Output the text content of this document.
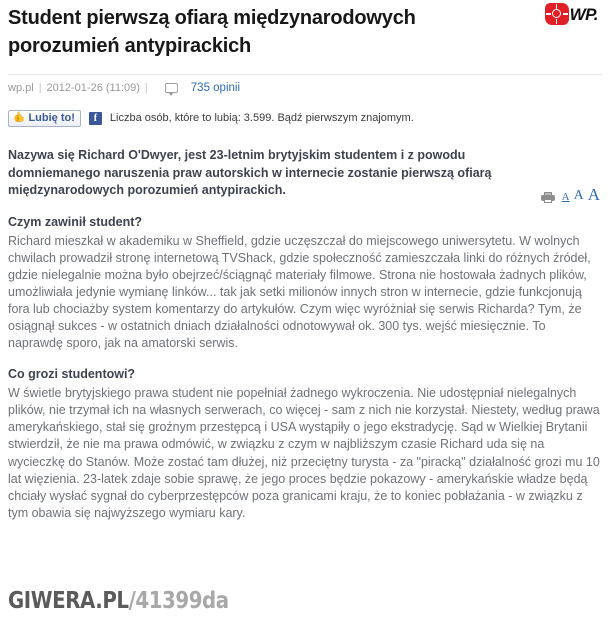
Student pierwszą ofiarą międzynarodowych porozumień antypirackich
WP.
wp.pl | 2012-01-26 (11:09) |	735 opinii
👍 Lubię to!	f	Liczba osób, które to lubią: 3.599. Bądź pierwszym znajomym.
A A A

Nazywa się Richard O'Dwyer, jest 23-letnim brytyjskim studentem i z powodu domniemanego naruszenia praw autorskich w internecie zostanie pierwszą ofiarą międzynarodowych porozumień antypirackich.

Czym zawinił student?

Richard mieszkał w akademiku w Sheffield, gdzie uczęszczał do miejscowego uniwersytetu. W wolnych chwilach prowadził stronę internetową TVShack, gdzie społeczność zamieszczała linki do różnych źródeł, gdzie nielegalnie można było obejrzeć/ściągnąć materiały filmowe. Strona nie hostowała żadnych plików, umożliwiała jedynie wymianę linków... tak jak setki milionów innych stron w internecie, gdzie funkcjonują fora lub chociażby system komentarzy do artykułów. Czym więc wyróżniał się serwis Richarda? Tym, że osiągnął sukces - w ostatnich dniach działalności odnotowywał ok. 300 tys. wejść miesięcznie. To naprawdę sporo, jak na amatorski serwis.

Co grozi studentowi?

W świetle brytyjskiego prawa student nie popełniał żadnego wykroczenia. Nie udostępniał nielegalnych plików, nie trzymał ich na własnych serwerach, co więcej - sam z nich nie korzystał. Niestety, według prawa amerykańskiego, stał się groźnym przestępcą i USA wystąpiły o jego ekstradycję. Sąd w Wielkiej Brytanii stwierdził, że nie ma prawa odmówić, w związku z czym w najbliższym czasie Richard uda się na wycieczkę do Stanów. Może zostać tam dłużej, niż przeciętny turysta - za "piracką" działalność grozi mu 10 lat więzienia. 23-latek zdaje sobie sprawę, że jego proces będzie pokazowy - amerykańskie władze będą chciały wysłać sygnał do cyberprzestępców poza granicami kraju, że to koniec pobłażania - w związku z tym obawia się najwyższego wymiaru kary.

GIWERA.PL/41399da
